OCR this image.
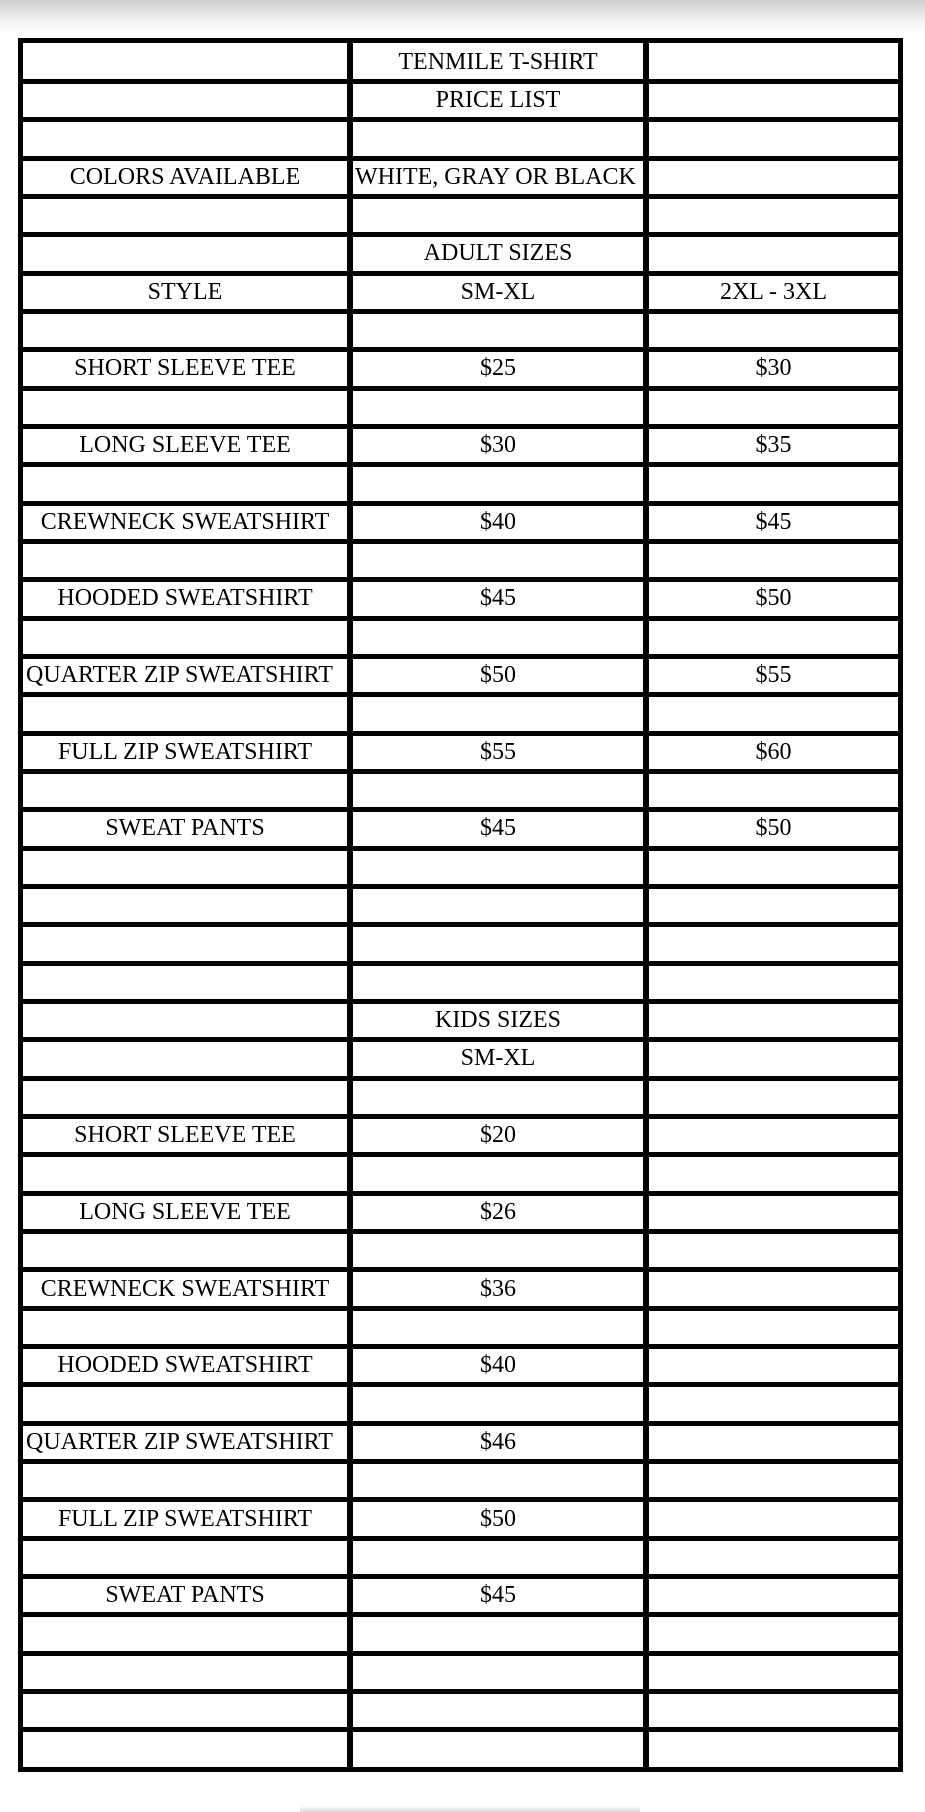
TENMILE T-SHIRT
PRICE LIST
COLORS AVAILABLE	WHITE, GRAY OR BLACK
ADULT SIZES
STYLE	SM-XL	2XL - 3XL
SHORT SLEEVE TEE	$25	$30
LONG SLEEVE TEE	$30	$35
CREWNECK SWEATSHIRT	$40	$45
HOODED SWEATSHIRT	$45	$50
QUARTER ZIP SWEATSHIRT	$50	$55
FULL ZIP SWEATSHIRT	$55	$60
SWEAT PANTS	$45	$50
KIDS SIZES
SM-XL
SHORT SLEEVE TEE	$20
LONG SLEEVE TEE	$26
CREWNECK SWEATSHIRT	$36
HOODED SWEATSHIRT	$40
QUARTER ZIP SWEATSHIRT	$46
FULL ZIP SWEATSHIRT	$50
SWEAT PANTS	$45
